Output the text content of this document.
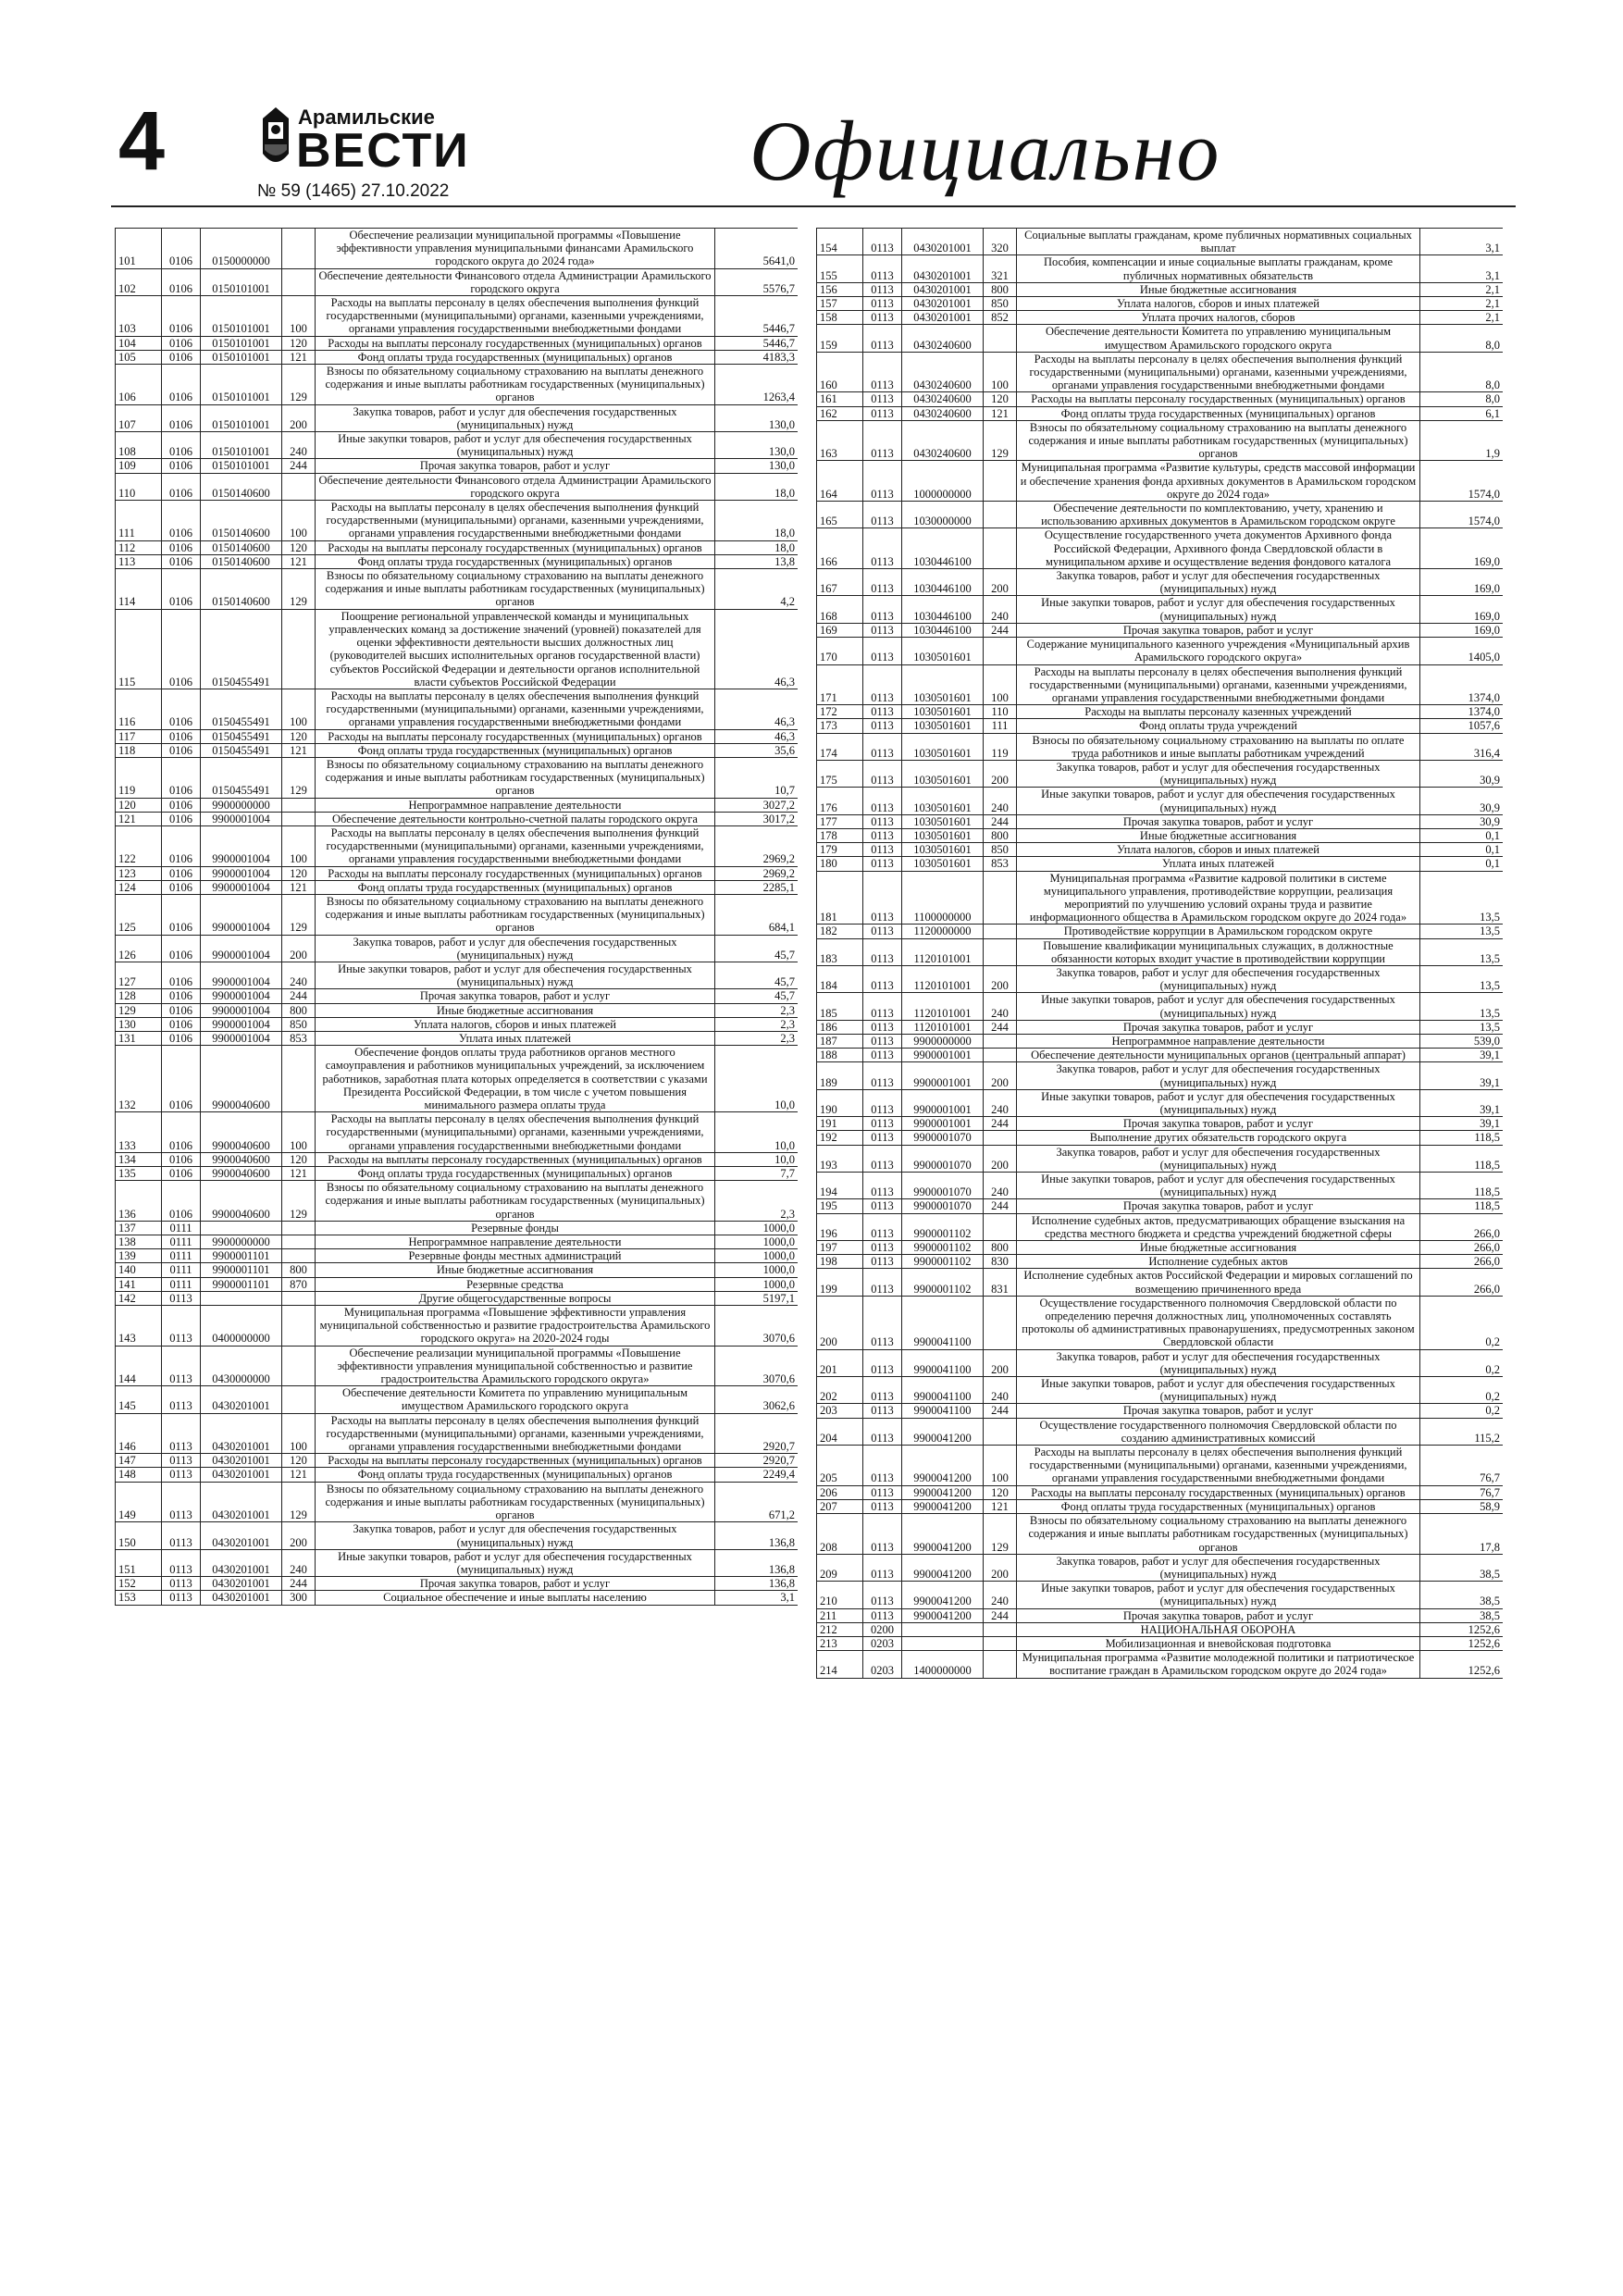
4	Арамильские
ВЕСТИ
№ 59 (1465) 27.10.2022	Официально
101	0106	0150000000		Обеспечение реализации муниципальной программы «Повышение эффективности управления муниципальными финансами Арамильского городского округа до 2024 года»	5641,0
102	0106	0150101001		Обеспечение деятельности Финансового отдела Администрации Арамильского городского округа	5576,7
103	0106	0150101001	100	Расходы на выплаты персоналу в целях обеспечения выполнения функций государственными (муниципальными) органами, казенными учреждениями, органами управления государственными внебюджетными фондами	5446,7
104	0106	0150101001	120	Расходы на выплаты персоналу государственных (муниципальных) органов	5446,7
105	0106	0150101001	121	Фонд оплаты труда государственных (муниципальных) органов	4183,3
106	0106	0150101001	129	Взносы по обязательному социальному страхованию на выплаты денежного содержания и иные выплаты работникам государственных (муниципальных) органов	1263,4
107	0106	0150101001	200	Закупка товаров, работ и услуг для обеспечения государственных (муниципальных) нужд	130,0
108	0106	0150101001	240	Иные закупки товаров, работ и услуг для обеспечения государственных (муниципальных) нужд	130,0
109	0106	0150101001	244	Прочая закупка товаров, работ и услуг	130,0
110	0106	0150140600		Обеспечение деятельности Финансового отдела Администрации Арамильского городского округа	18,0
111	0106	0150140600	100	Расходы на выплаты персоналу в целях обеспечения выполнения функций государственными (муниципальными) органами, казенными учреждениями, органами управления государственными внебюджетными фондами	18,0
112	0106	0150140600	120	Расходы на выплаты персоналу государственных (муниципальных) органов	18,0
113	0106	0150140600	121	Фонд оплаты труда государственных (муниципальных) органов	13,8
114	0106	0150140600	129	Взносы по обязательному социальному страхованию на выплаты денежного содержания и иные выплаты работникам государственных (муниципальных) органов	4,2
115	0106	0150455491		Поощрение региональной управленческой команды и муниципальных управленческих команд за достижение значений (уровней) показателей для оценки эффективности деятельности высших должностных лиц (руководителей высших исполнительных органов государственной власти) субъектов Российской Федерации и деятельности органов исполнительной власти субъектов Российской Федерации	46,3
116	0106	0150455491	100	Расходы на выплаты персоналу в целях обеспечения выполнения функций государственными (муниципальными) органами, казенными учреждениями, органами управления государственными внебюджетными фондами	46,3
117	0106	0150455491	120	Расходы на выплаты персоналу государственных (муниципальных) органов	46,3
118	0106	0150455491	121	Фонд оплаты труда государственных (муниципальных) органов	35,6
119	0106	0150455491	129	Взносы по обязательному социальному страхованию на выплаты денежного содержания и иные выплаты работникам государственных (муниципальных) органов	10,7
120	0106	9900000000		Непрограммное направление деятельности	3027,2
121	0106	9900001004		Обеспечение деятельности контрольно-счетной палаты городского округа	3017,2
122	0106	9900001004	100	Расходы на выплаты персоналу в целях обеспечения выполнения функций государственными (муниципальными) органами, казенными учреждениями, органами управления государственными внебюджетными фондами	2969,2
123	0106	9900001004	120	Расходы на выплаты персоналу государственных (муниципальных) органов	2969,2
124	0106	9900001004	121	Фонд оплаты труда государственных (муниципальных) органов	2285,1
125	0106	9900001004	129	Взносы по обязательному социальному страхованию на выплаты денежного содержания и иные выплаты работникам государственных (муниципальных) органов	684,1
126	0106	9900001004	200	Закупка товаров, работ и услуг для обеспечения государственных (муниципальных) нужд	45,7
127	0106	9900001004	240	Иные закупки товаров, работ и услуг для обеспечения государственных (муниципальных) нужд	45,7
128	0106	9900001004	244	Прочая закупка товаров, работ и услуг	45,7
129	0106	9900001004	800	Иные бюджетные ассигнования	2,3
130	0106	9900001004	850	Уплата налогов, сборов и иных платежей	2,3
131	0106	9900001004	853	Уплата иных платежей	2,3
132	0106	9900040600		Обеспечение фондов оплаты труда работников органов местного самоуправления и работников муниципальных учреждений, за исключением работников, заработная плата которых определяется в соответствии с указами Президента Российской Федерации, в том числе с учетом повышения минимального размера оплаты труда	10,0
133	0106	9900040600	100	Расходы на выплаты персоналу в целях обеспечения выполнения функций государственными (муниципальными) органами, казенными учреждениями, органами управления государственными внебюджетными фондами	10,0
134	0106	9900040600	120	Расходы на выплаты персоналу государственных (муниципальных) органов	10,0
135	0106	9900040600	121	Фонд оплаты труда государственных (муниципальных) органов	7,7
136	0106	9900040600	129	Взносы по обязательному социальному страхованию на выплаты денежного содержания и иные выплаты работникам государственных (муниципальных) органов	2,3
137	0111			Резервные фонды	1000,0
138	0111	9900000000		Непрограммное направление деятельности	1000,0
139	0111	9900001101		Резервные фонды местных администраций	1000,0
140	0111	9900001101	800	Иные бюджетные ассигнования	1000,0
141	0111	9900001101	870	Резервные средства	1000,0
142	0113			Другие общегосударственные вопросы	5197,1
143	0113	0400000000		Муниципальная программа «Повышение эффективности управления муниципальной собственностью и развитие градостроительства Арамильского городского округа» на 2020-2024 годы	3070,6
144	0113	0430000000		Обеспечение реализации муниципальной программы «Повышение эффективности управления муниципальной собственностью и развитие градостроительства Арамильского городского округа»	3070,6
145	0113	0430201001		Обеспечение деятельности Комитета по управлению муниципальным имуществом Арамильского городского округа	3062,6
146	0113	0430201001	100	Расходы на выплаты персоналу в целях обеспечения выполнения функций государственными (муниципальными) органами, казенными учреждениями, органами управления государственными внебюджетными фондами	2920,7
147	0113	0430201001	120	Расходы на выплаты персоналу государственных (муниципальных) органов	2920,7
148	0113	0430201001	121	Фонд оплаты труда государственных (муниципальных) органов	2249,4
149	0113	0430201001	129	Взносы по обязательному социальному страхованию на выплаты денежного содержания и иные выплаты работникам государственных (муниципальных) органов	671,2
150	0113	0430201001	200	Закупка товаров, работ и услуг для обеспечения государственных (муниципальных) нужд	136,8
151	0113	0430201001	240	Иные закупки товаров, работ и услуг для обеспечения государственных (муниципальных) нужд	136,8
152	0113	0430201001	244	Прочая закупка товаров, работ и услуг	136,8
153	0113	0430201001	300	Социальное обеспечение и иные выплаты населению	3,1
154	0113	0430201001	320	Социальные выплаты гражданам, кроме публичных нормативных социальных выплат	3,1
155	0113	0430201001	321	Пособия, компенсации и иные социальные выплаты гражданам, кроме публичных нормативных обязательств	3,1
156	0113	0430201001	800	Иные бюджетные ассигнования	2,1
157	0113	0430201001	850	Уплата налогов, сборов и иных платежей	2,1
158	0113	0430201001	852	Уплата прочих налогов, сборов	2,1
159	0113	0430240600		Обеспечение деятельности Комитета по управлению муниципальным имуществом Арамильского городского округа	8,0
160	0113	0430240600	100	Расходы на выплаты персоналу в целях обеспечения выполнения функций государственными (муниципальными) органами, казенными учреждениями, органами управления государственными внебюджетными фондами	8,0
161	0113	0430240600	120	Расходы на выплаты персоналу государственных (муниципальных) органов	8,0
162	0113	0430240600	121	Фонд оплаты труда государственных (муниципальных) органов	6,1
163	0113	0430240600	129	Взносы по обязательному социальному страхованию на выплаты денежного содержания и иные выплаты работникам государственных (муниципальных) органов	1,9
164	0113	1000000000		Муниципальная программа «Развитие культуры, средств массовой информации и обеспечение хранения фонда архивных документов в Арамильском городском округе до 2024 года»	1574,0
165	0113	1030000000		Обеспечение деятельности по комплектованию, учету, хранению и использованию архивных документов в Арамильском городском округе	1574,0
166	0113	1030446100		Осуществление государственного учета документов Архивного фонда Российской Федерации, Архивного фонда Свердловской области в муниципальном архиве и осуществление ведения фондового каталога	169,0
167	0113	1030446100	200	Закупка товаров, работ и услуг для обеспечения государственных (муниципальных) нужд	169,0
168	0113	1030446100	240	Иные закупки товаров, работ и услуг для обеспечения государственных (муниципальных) нужд	169,0
169	0113	1030446100	244	Прочая закупка товаров, работ и услуг	169,0
170	0113	1030501601		Содержание муниципального казенного учреждения «Муниципальный архив Арамильского городского округа»	1405,0
171	0113	1030501601	100	Расходы на выплаты персоналу в целях обеспечения выполнения функций государственными (муниципальными) органами, казенными учреждениями, органами управления государственными внебюджетными фондами	1374,0
172	0113	1030501601	110	Расходы на выплаты персоналу казенных учреждений	1374,0
173	0113	1030501601	111	Фонд оплаты труда учреждений	1057,6
174	0113	1030501601	119	Взносы по обязательному социальному страхованию на выплаты по оплате труда работников и иные выплаты работникам учреждений	316,4
175	0113	1030501601	200	Закупка товаров, работ и услуг для обеспечения государственных (муниципальных) нужд	30,9
176	0113	1030501601	240	Иные закупки товаров, работ и услуг для обеспечения государственных (муниципальных) нужд	30,9
177	0113	1030501601	244	Прочая закупка товаров, работ и услуг	30,9
178	0113	1030501601	800	Иные бюджетные ассигнования	0,1
179	0113	1030501601	850	Уплата налогов, сборов и иных платежей	0,1
180	0113	1030501601	853	Уплата иных платежей	0,1
181	0113	1100000000		Муниципальная программа «Развитие кадровой политики в системе муниципального управления, противодействие коррупции, реализация мероприятий по улучшению условий охраны труда и развитие информационного общества в Арамильском городском округе до 2024 года»	13,5
182	0113	1120000000		Противодействие коррупции в Арамильском городском округе	13,5
183	0113	1120101001		Повышение квалификации муниципальных служащих, в должностные обязанности которых входит участие в противодействии коррупции	13,5
184	0113	1120101001	200	Закупка товаров, работ и услуг для обеспечения государственных (муниципальных) нужд	13,5
185	0113	1120101001	240	Иные закупки товаров, работ и услуг для обеспечения государственных (муниципальных) нужд	13,5
186	0113	1120101001	244	Прочая закупка товаров, работ и услуг	13,5
187	0113	9900000000		Непрограммное направление деятельности	539,0
188	0113	9900001001		Обеспечение деятельности муниципальных органов (центральный аппарат)	39,1
189	0113	9900001001	200	Закупка товаров, работ и услуг для обеспечения государственных (муниципальных) нужд	39,1
190	0113	9900001001	240	Иные закупки товаров, работ и услуг для обеспечения государственных (муниципальных) нужд	39,1
191	0113	9900001001	244	Прочая закупка товаров, работ и услуг	39,1
192	0113	9900001070		Выполнение других обязательств городского округа	118,5
193	0113	9900001070	200	Закупка товаров, работ и услуг для обеспечения государственных (муниципальных) нужд	118,5
194	0113	9900001070	240	Иные закупки товаров, работ и услуг для обеспечения государственных (муниципальных) нужд	118,5
195	0113	9900001070	244	Прочая закупка товаров, работ и услуг	118,5
196	0113	9900001102		Исполнение судебных актов, предусматривающих обращение взыскания на средства местного бюджета и средства учреждений бюджетной сферы	266,0
197	0113	9900001102	800	Иные бюджетные ассигнования	266,0
198	0113	9900001102	830	Исполнение судебных актов	266,0
199	0113	9900001102	831	Исполнение судебных актов Российской Федерации и мировых соглашений по возмещению причиненного вреда	266,0
200	0113	9900041100		Осуществление государственного полномочия Свердловской области по определению перечня должностных лиц, уполномоченных составлять протоколы об административных правонарушениях, предусмотренных законом Свердловской области	0,2
201	0113	9900041100	200	Закупка товаров, работ и услуг для обеспечения государственных (муниципальных) нужд	0,2
202	0113	9900041100	240	Иные закупки товаров, работ и услуг для обеспечения государственных (муниципальных) нужд	0,2
203	0113	9900041100	244	Прочая закупка товаров, работ и услуг	0,2
204	0113	9900041200		Осуществление государственного полномочия Свердловской области по созданию административных комиссий	115,2
205	0113	9900041200	100	Расходы на выплаты персоналу в целях обеспечения выполнения функций государственными (муниципальными) органами, казенными учреждениями, органами управления государственными внебюджетными фондами	76,7
206	0113	9900041200	120	Расходы на выплаты персоналу государственных (муниципальных) органов	76,7
207	0113	9900041200	121	Фонд оплаты труда государственных (муниципальных) органов	58,9
208	0113	9900041200	129	Взносы по обязательному социальному страхованию на выплаты денежного содержания и иные выплаты работникам государственных (муниципальных) органов	17,8
209	0113	9900041200	200	Закупка товаров, работ и услуг для обеспечения государственных (муниципальных) нужд	38,5
210	0113	9900041200	240	Иные закупки товаров, работ и услуг для обеспечения государственных (муниципальных) нужд	38,5
211	0113	9900041200	244	Прочая закупка товаров, работ и услуг	38,5
212	0200			НАЦИОНАЛЬНАЯ ОБОРОНА	1252,6
213	0203			Мобилизационная и вневойсковая подготовка	1252,6
214	0203	1400000000		Муниципальная программа «Развитие молодежной политики и патриотическое воспитание граждан в Арамильском городском округе до 2024 года»	1252,6
